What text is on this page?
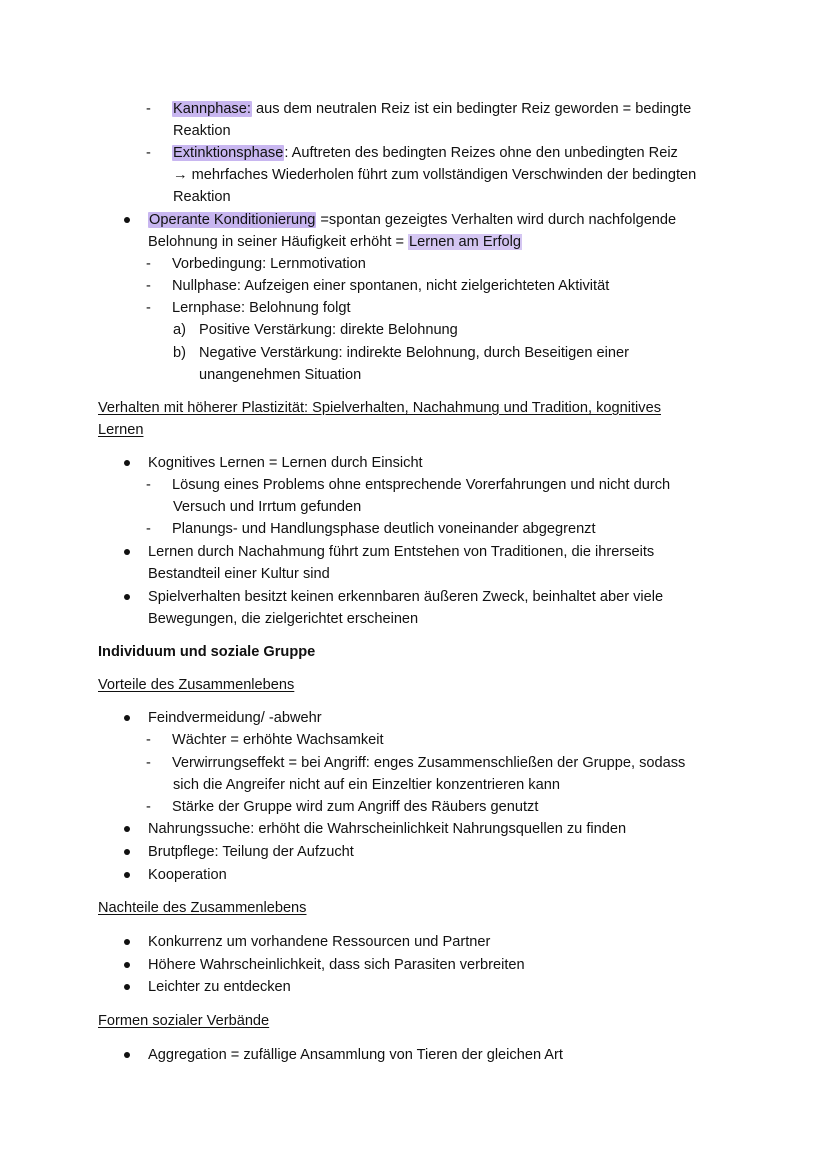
- Kannphase: aus dem neutralen Reiz ist ein bedingter Reiz geworden = bedingte
Reaktion
- Extinktionsphase: Auftreten des bedingten Reizes ohne den unbedingten Reiz
→ mehrfaches Wiederholen führt zum vollständigen Verschwinden der bedingten
Reaktion
Operante Konditionierung =spontan gezeigtes Verhalten wird durch nachfolgende
Belohnung in seiner Häufigkeit erhöht = Lernen am Erfolg
- Vorbedingung: Lernmotivation
- Nullphase: Aufzeigen einer spontanen, nicht zielgerichteten Aktivität
- Lernphase: Belohnung folgt
a) Positive Verstärkung: direkte Belohnung
b) Negative Verstärkung: indirekte Belohnung, durch Beseitigen einer
unangenehmen Situation
Verhalten mit höherer Plastizität: Spielverhalten, Nachahmung und Tradition, kognitives
Lernen
Kognitives Lernen = Lernen durch Einsicht
- Lösung eines Problems ohne entsprechende Vorerfahrungen und nicht durch
Versuch und Irrtum gefunden
- Planungs- und Handlungsphase deutlich voneinander abgegrenzt
Lernen durch Nachahmung führt zum Entstehen von Traditionen, die ihrerseits
Bestandteil einer Kultur sind
Spielverhalten besitzt keinen erkennbaren äußeren Zweck, beinhaltet aber viele
Bewegungen, die zielgerichtet erscheinen
Individuum und soziale Gruppe
Vorteile des Zusammenlebens
Feindvermeidung/ -abwehr
- Wächter = erhöhte Wachsamkeit
- Verwirrungseffekt = bei Angriff: enges Zusammenschließen der Gruppe, sodass
sich die Angreifer nicht auf ein Einzeltier konzentrieren kann
- Stärke der Gruppe wird zum Angriff des Räubers genutzt
Nahrungssuche: erhöht die Wahrscheinlichkeit Nahrungsquellen zu finden
Brutpflege: Teilung der Aufzucht
Kooperation
Nachteile des Zusammenlebens
Konkurrenz um vorhandene Ressourcen und Partner
Höhere Wahrscheinlichkeit, dass sich Parasiten verbreiten
Leichter zu entdecken
Formen sozialer Verbände
Aggregation = zufällige Ansammlung von Tieren der gleichen Art
